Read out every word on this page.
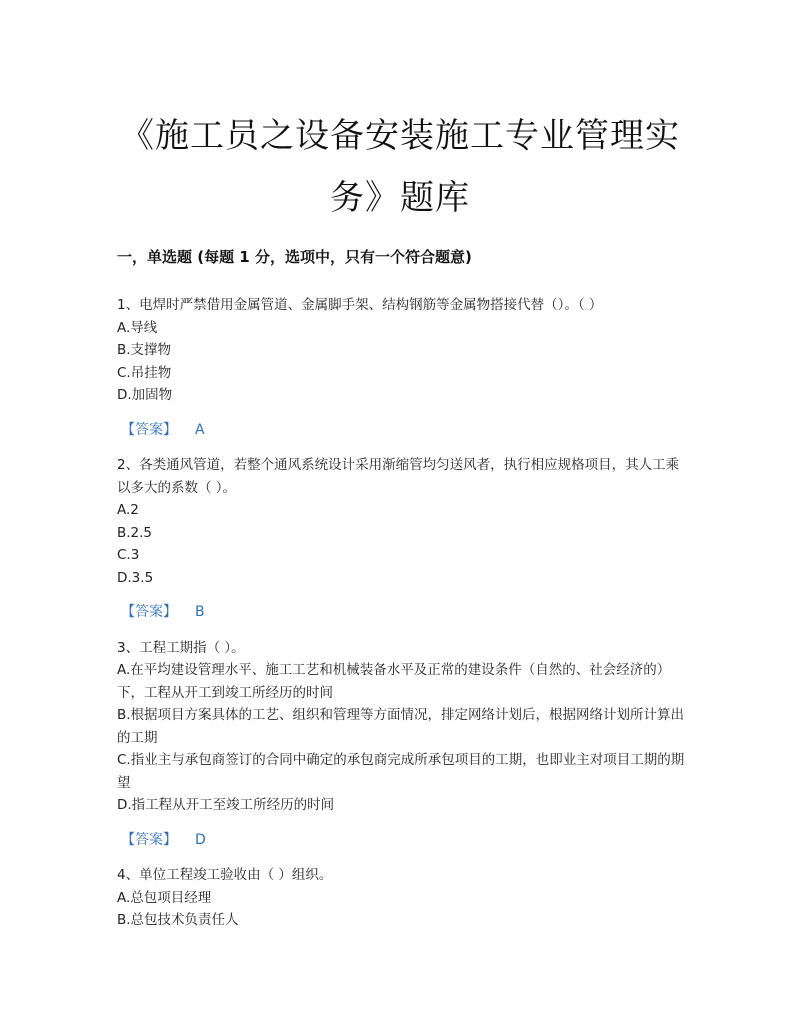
《施工员之设备安装施工专业管理实
务》题库
一，单选题 (每题 1 分，选项中，只有一个符合题意)

1、电焊时严禁借用金属管道、金属脚手架、结构钢筋等金属物搭接代替（）。（ ）

A.导线

B.支撑物

C.吊挂物

D.加固物

【答案】 A

2、各类通风管道，若整个通风系统设计采用渐缩管均匀送风者，执行相应规格项目，其人工乘以多大的系数（ ）。

A.2

B.2.5

C.3

D.3.5

【答案】 B

3、工程工期指（ ）。

A.在平均建设管理水平、施工工艺和机械装备水平及正常的建设条件（自然的、社会经济的）下，工程从开工到竣工所经历的时间

B.根据项目方案具体的工艺、组织和管理等方面情况，排定网络计划后，根据网络计划所计算出的工期

C.指业主与承包商签订的合同中确定的承包商完成所承包项目的工期，也即业主对项目工期的期望

D.指工程从开工至竣工所经历的时间

【答案】 D

4、单位工程竣工验收由（ ）组织。

A.总包项目经理

B.总包技术负责任人
